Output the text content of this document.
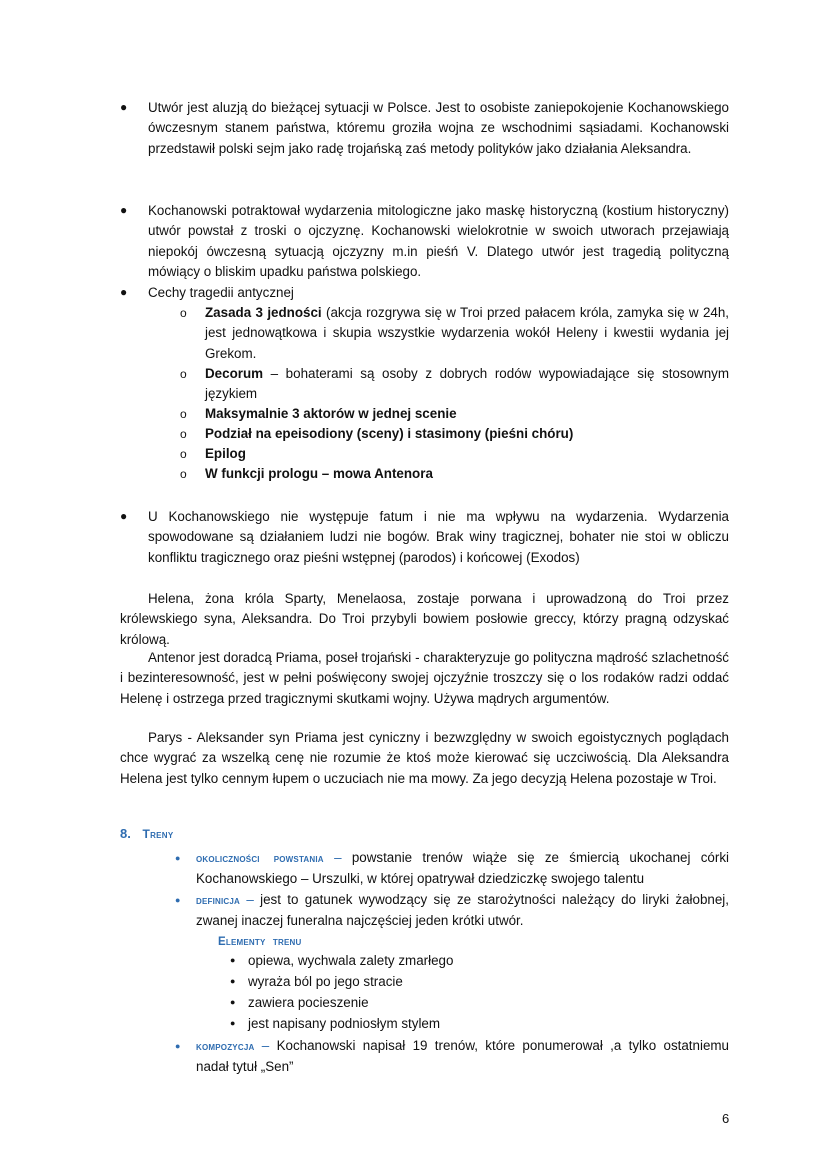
● Utwór jest aluzją do bieżącej sytuacji w Polsce. Jest to osobiste zaniepokojenie Kochanowskiego ówczesnym stanem państwa, któremu groziła wojna ze wschodnimi sąsiadami. Kochanowski przedstawił polski sejm jako radę trojańską zaś metody polityków jako działania Aleksandra.
● Kochanowski potraktował wydarzenia mitologiczne jako maskę historyczną (kostium historyczny) utwór powstał z troski o ojczyznę. Kochanowski wielokrotnie w swoich utworach przejawiają niepokój ówczesną sytuacją ojczyzny m.in pieśń V. Dlatego utwór jest tragedią polityczną mówiący o bliskim upadku państwa polskiego.
● Cechy tragedii antycznej
o Zasada 3 jedności (akcja rozgrywa się w Troi przed pałacem króla, zamyka się w 24h, jest jednowątkowa i skupia wszystkie wydarzenia wokół Heleny i kwestii wydania jej Grekom.
o Decorum – bohaterami są osoby z dobrych rodów wypowiadające się stosownym językiem
o Maksymalnie 3 aktorów w jednej scenie
o Podział na epeisodiony (sceny) i stasimony (pieśni chóru)
o Epilog
o W funkcji prologu – mowa Antenora
● U Kochanowskiego nie występuje fatum i nie ma wpływu na wydarzenia. Wydarzenia spowodowane są działaniem ludzi nie bogów. Brak winy tragicznej, bohater nie stoi w obliczu konfliktu tragicznego oraz pieśni wstępnej (parodos) i końcowej (Exodos)
Helena, żona króla Sparty, Menelaosa, zostaje porwana i uprowadzoną do Troi przez królewskiego syna, Aleksandra. Do Troi przybyli bowiem posłowie greccy, którzy pragną odzyskać królową.
Antenor jest doradcą Priama, poseł trojański - charakteryzuje go polityczna mądrość szlachetność i bezinteresowność, jest w pełni poświęcony swojej ojczyźnie troszczy się o los rodaków radzi oddać Helenę i ostrzega przed tragicznymi skutkami wojny. Używa mądrych argumentów.
Parys - Aleksander syn Priama jest cyniczny i bezwzględny w swoich egoistycznych poglądach chce wygrać za wszelką cenę nie rozumie że ktoś może kierować się uczciwością. Dla Aleksandra Helena jest tylko cennym łupem o uczuciach nie ma mowy. Za jego decyzją Helena pozostaje w Troi.
8. Treny
● okoliczności powstania – powstanie trenów wiąże się ze śmiercią ukochanej córki Kochanowskiego – Urszulki, w której opatrywał dziedziczkę swojego talentu
● definicja – jest to gatunek wywodzący się ze starożytności należący do liryki żałobnej, zwanej inaczej funeralna najczęściej jeden krótki utwór.
Elementy trenu
● opiewa, wychwala zalety zmarłego
● wyraża ból po jego stracie
● zawiera pocieszenie
● jest napisany podniosłym stylem
● kompozycja – Kochanowski napisał 19 trenów, które ponumerował ,a tylko ostatniemu nadał tytuł „Sen”
6
